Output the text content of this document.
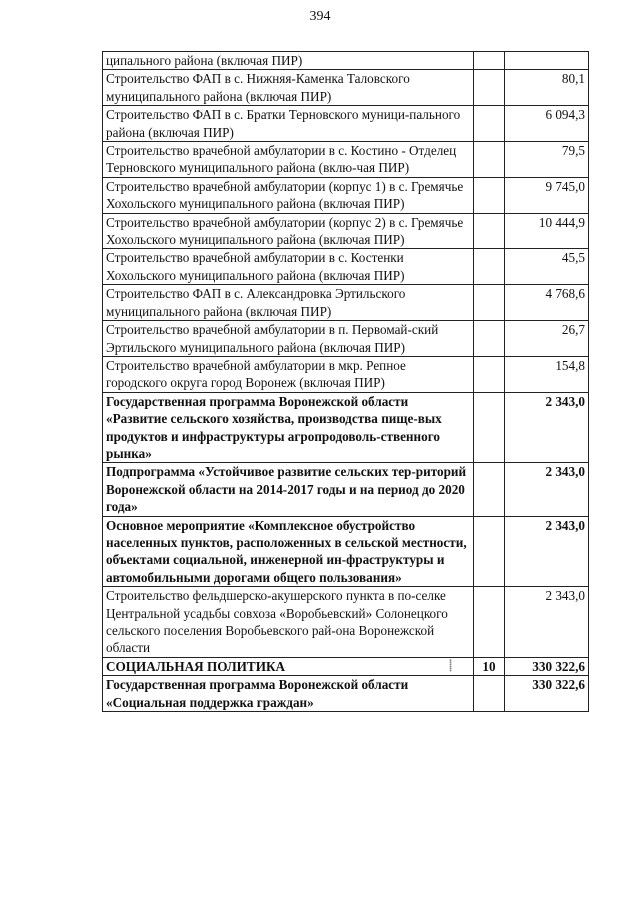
394
ципального района (включая ПИР)		
Строительство ФАП в с. Нижняя-Каменка Таловского муниципального района (включая ПИР)		80,1
Строительство ФАП в с. Братки Терновского муници-пального района (включая ПИР)		6 094,3
Строительство врачебной амбулатории в с. Костино - Отделец Терновского муниципального района (вклю-чая ПИР)		79,5
Строительство врачебной амбулатории (корпус 1) в с. Гремячье Хохольского муниципального района (включая ПИР)		9 745,0
Строительство врачебной амбулатории (корпус 2) в с. Гремячье Хохольского муниципального района (включая ПИР)		10 444,9
Строительство врачебной амбулатории в с. Костенки Хохольского муниципального района (включая ПИР)		45,5
Строительство ФАП в с. Александровка Эртильского муниципального района (включая ПИР)		4 768,6
Строительство врачебной амбулатории в п. Первомай-ский Эртильского муниципального района (включая ПИР)		26,7
Строительство врачебной амбулатории в мкр. Репное городского округа город Воронеж (включая ПИР)		154,8
Государственная программа Воронежской области «Развитие сельского хозяйства, производства пище-вых продуктов и инфраструктуры агропродоволь-ственного рынка»		2 343,0
Подпрограмма «Устойчивое развитие сельских тер-риторий Воронежской области на 2014-2017 годы и на период до 2020 года»		2 343,0
Основное мероприятие «Комплексное обустройство населенных пунктов, расположенных в сельской местности, объектами социальной, инженерной ин-фраструктуры и автомобильными дорогами общего пользования»		2 343,0
Строительство фельдшерско-акушерского пункта в по-селке Центральной усадьбы совхоза «Воробьевский» Солонецкого сельского поселения Воробьевского рай-она Воронежской области		2 343,0
СОЦИАЛЬНАЯ ПОЛИТИКА ⸽	10	330 322,6
Государственная программа Воронежской области «Социальная поддержка граждан»		330 322,6
